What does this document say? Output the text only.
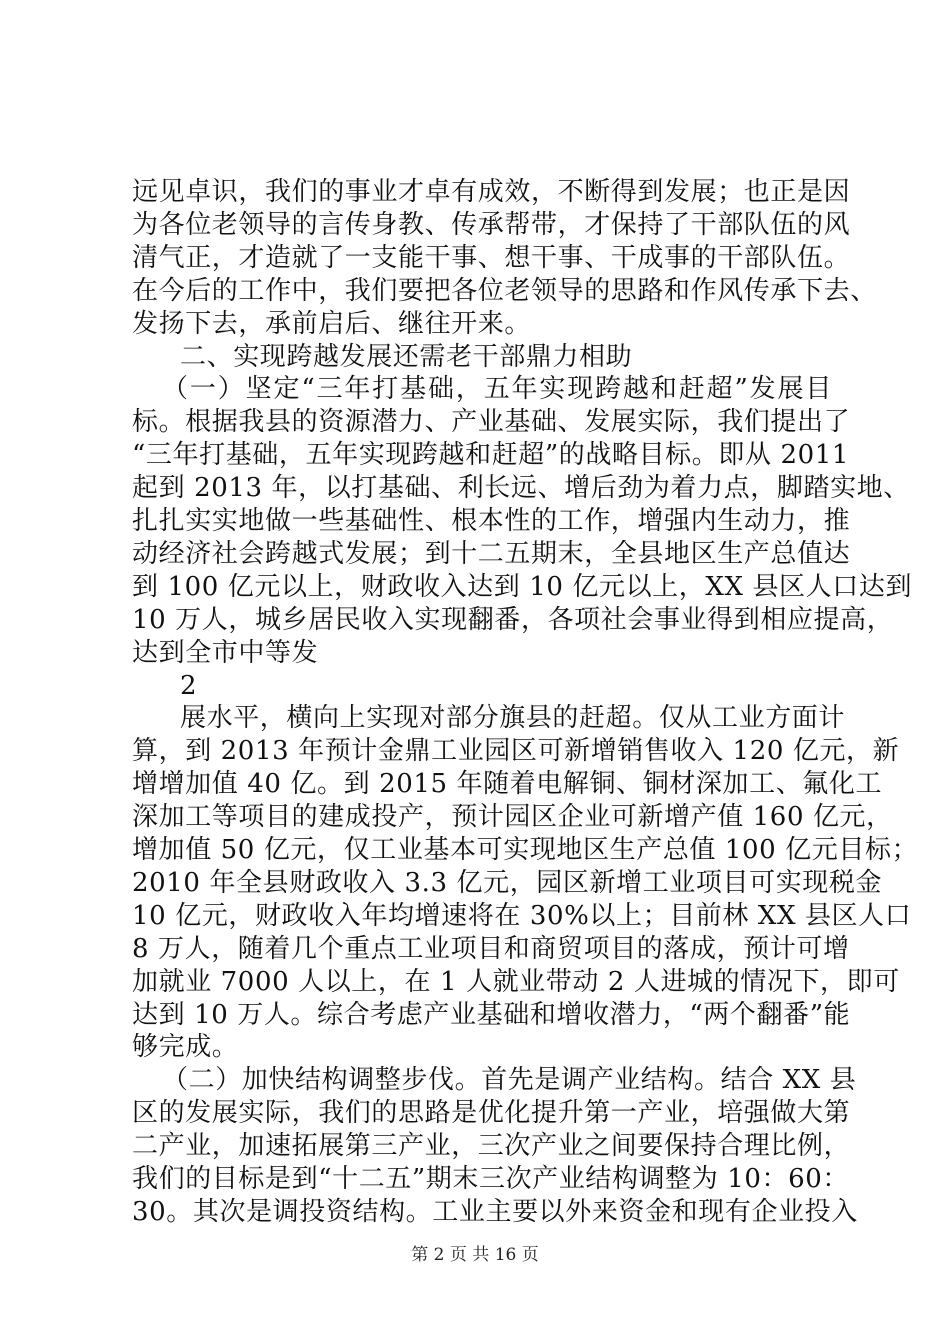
远见卓识，我们的事业才卓有成效，不断得到发展；也正是因
为各位老领导的言传身教、传承帮带，才保持了干部队伍的风
清气正，才造就了一支能干事、想干事、干成事的干部队伍。
在今后的工作中，我们要把各位老领导的思路和作风传承下去、
发扬下去，承前启后、继往开来。
二、实现跨越发展还需老干部鼎力相助
（一）坚定“三年打基础，五年实现跨越和赶超”发展目
标。根据我县的资源潜力、产业基础、发展实际，我们提出了
“三年打基础，五年实现跨越和赶超”的战略目标。即从 2011
起到 2013 年，以打基础、利长远、增后劲为着力点，脚踏实地、
扎扎实实地做一些基础性、根本性的工作，增强内生动力，推
动经济社会跨越式发展；到十二五期末，全县地区生产总值达
到 100 亿元以上，财政收入达到 10 亿元以上，XX 县区人口达到
10 万人，城乡居民收入实现翻番，各项社会事业得到相应提高，
达到全市中等发
2
展水平，横向上实现对部分旗县的赶超。仅从工业方面计
算，到 2013 年预计金鼎工业园区可新增销售收入 120 亿元，新
增增加值 40 亿。到 2015 年随着电解铜、铜材深加工、氟化工
深加工等项目的建成投产，预计园区企业可新增产值 160 亿元，
增加值 50 亿元，仅工业基本可实现地区生产总值 100 亿元目标；
2010 年全县财政收入 3.3 亿元，园区新增工业项目可实现税金
10 亿元，财政收入年均增速将在 30%以上；目前林 XX 县区人口
8 万人，随着几个重点工业项目和商贸项目的落成，预计可增
加就业 7000 人以上，在 1 人就业带动 2 人进城的情况下，即可
达到 10 万人。综合考虑产业基础和增收潜力，“两个翻番”能
够完成。
（二）加快结构调整步伐。首先是调产业结构。结合 XX 县
区的发展实际，我们的思路是优化提升第一产业，培强做大第
二产业，加速拓展第三产业，三次产业之间要保持合理比例，
我们的目标是到“十二五”期末三次产业结构调整为 10：60：
第 2 页 共 16 页
30。其次是调投资结构。工业主要以外来资金和现有企业投入
